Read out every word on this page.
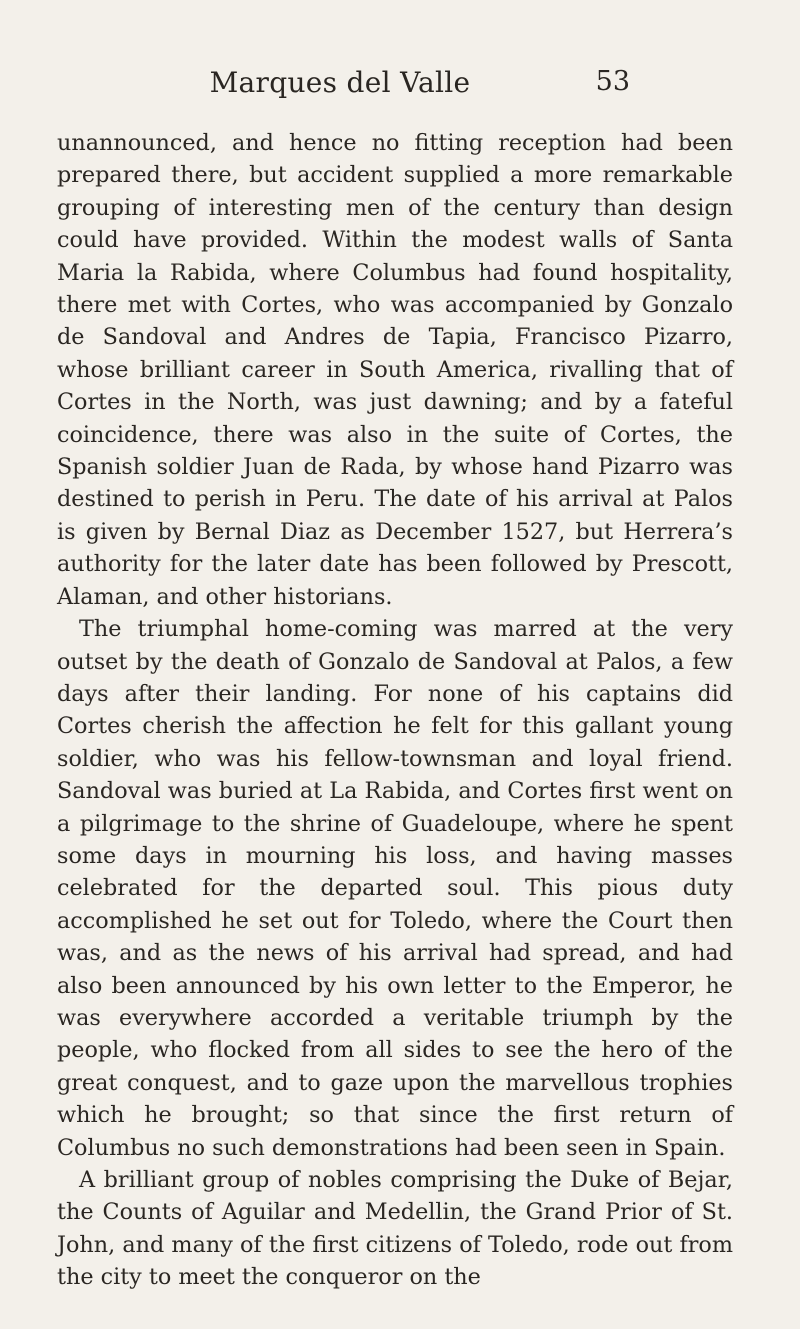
Marques del Valle	53

unannounced, and hence no fitting reception had been prepared there, but accident supplied a more remarkable grouping of interesting men of the century than design could have provided. Within the modest walls of Santa Maria la Rabida, where Columbus had found hospitality, there met with Cortes, who was accompanied by Gonzalo de Sandoval and Andres de Tapia, Francisco Pizarro, whose brilliant career in South America, rivalling that of Cortes in the North, was just dawning; and by a fateful coincidence, there was also in the suite of Cortes, the Spanish soldier Juan de Rada, by whose hand Pizarro was destined to perish in Peru. The date of his arrival at Palos is given by Bernal Diaz as December 1527, but Herrera’s authority for the later date has been followed by Prescott, Alaman, and other historians.

The triumphal home-coming was marred at the very outset by the death of Gonzalo de Sandoval at Palos, a few days after their landing. For none of his captains did Cortes cherish the affection he felt for this gallant young soldier, who was his fellow-townsman and loyal friend. Sandoval was buried at La Rabida, and Cortes first went on a pilgrimage to the shrine of Guadeloupe, where he spent some days in mourning his loss, and having masses celebrated for the departed soul. This pious duty accomplished he set out for Toledo, where the Court then was, and as the news of his arrival had spread, and had also been announced by his own letter to the Emperor, he was everywhere accorded a veritable triumph by the people, who flocked from all sides to see the hero of the great conquest, and to gaze upon the marvellous trophies which he brought; so that since the first return of Columbus no such demonstrations had been seen in Spain.

A brilliant group of nobles comprising the Duke of Bejar, the Counts of Aguilar and Medellin, the Grand Prior of St. John, and many of the first citizens of Toledo, rode out from the city to meet the conqueror on the
